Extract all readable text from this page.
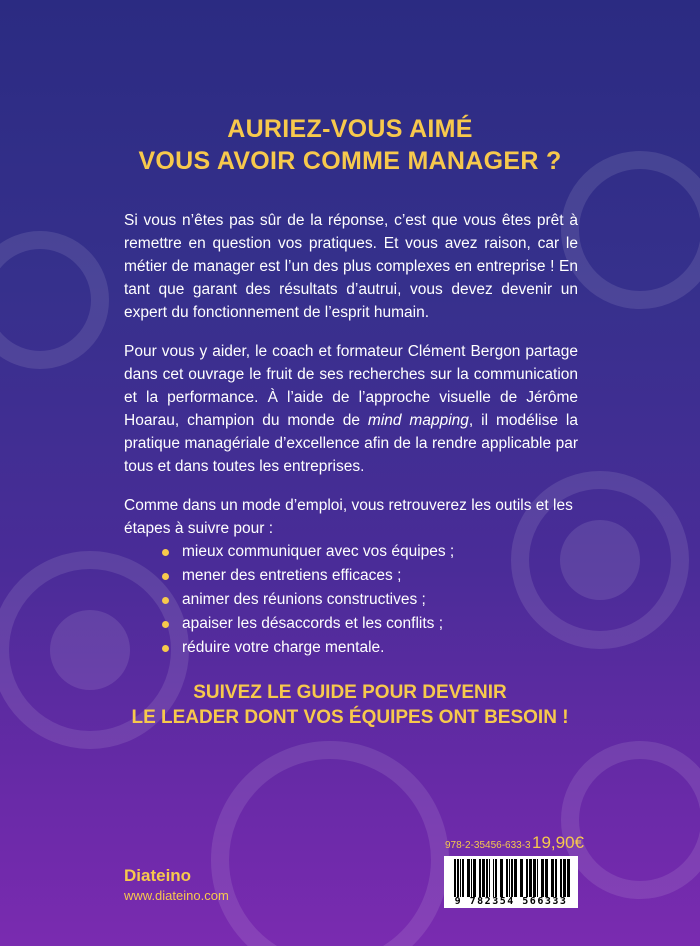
AURIEZ-VOUS AIMÉ
VOUS AVOIR COMME MANAGER ?
Si vous n’êtes pas sûr de la réponse, c’est que vous êtes prêt à remettre en question vos pratiques. Et vous avez raison, car le métier de manager est l’un des plus complexes en entreprise ! En tant que garant des résultats d’autrui, vous devez devenir un expert du fonctionnement de l’esprit humain.
Pour vous y aider, le coach et formateur Clément Bergon partage dans cet ouvrage le fruit de ses recherches sur la communication et la performance. À l’aide de l’approche visuelle de Jérôme Hoarau, champion du monde de mind mapping, il modélise la pratique managériale d’excellence afin de la rendre applicable par tous et dans toutes les entreprises.
Comme dans un mode d’emploi, vous retrouverez les outils et les étapes à suivre pour :
mieux communiquer avec vos équipes ;
mener des entretiens efficaces ;
animer des réunions constructives ;
apaiser les désaccords et les conflits ;
réduire votre charge mentale.
SUIVEZ LE GUIDE POUR DEVENIR
LE LEADER DONT VOS ÉQUIPES ONT BESOIN !
Diateino
www.diateino.com
978-2-35456-633-3 19,90€
9 782354 566333
